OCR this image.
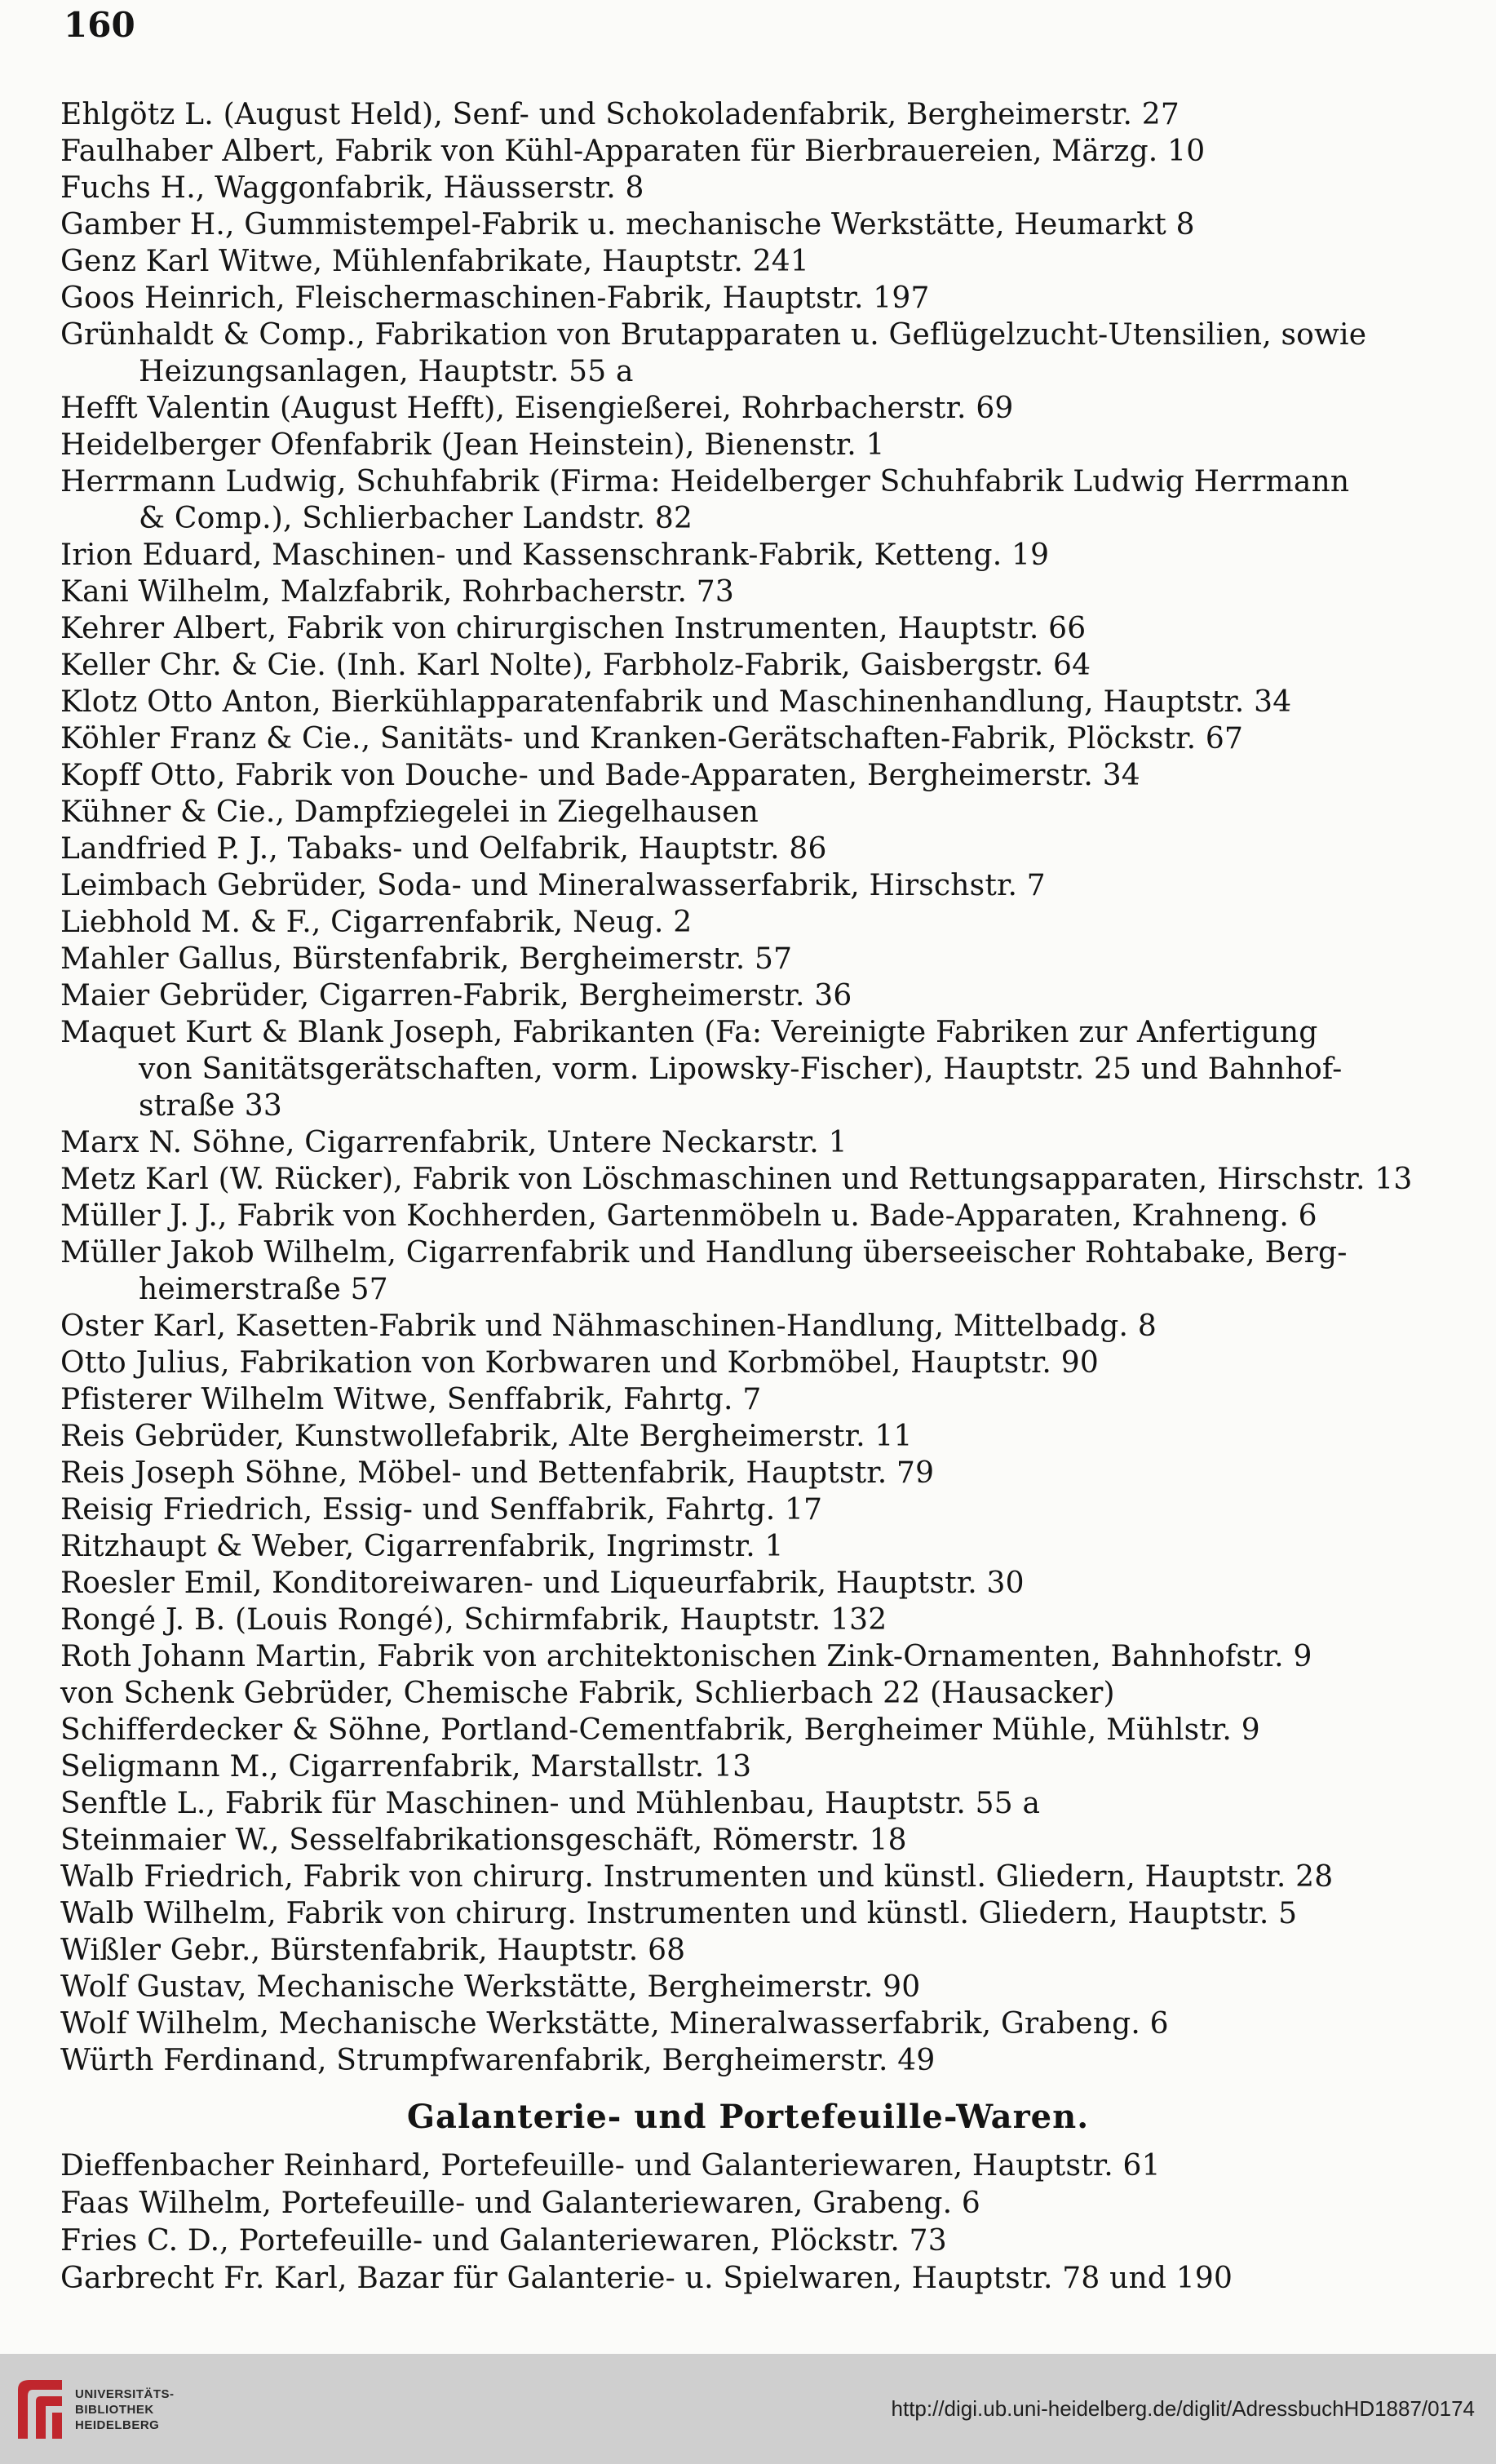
160
Ehlgötz L. (August Held), Senf- und Schokoladenfabrik, Bergheimerstr. 27
Faulhaber Albert, Fabrik von Kühl-Apparaten für Bierbrauereien, Märzg. 10
Fuchs H., Waggonfabrik, Häusserstr. 8
Gamber H., Gummistempel-Fabrik u. mechanische Werkstätte, Heumarkt 8
Genz Karl Witwe, Mühlenfabrikate, Hauptstr. 241
Goos Heinrich, Fleischermaschinen-Fabrik, Hauptstr. 197
Grünhaldt & Comp., Fabrikation von Brutapparaten u. Geflügelzucht-Utensilien, sowie
Heizungsanlagen, Hauptstr. 55 a
Hefft Valentin (August Hefft), Eisengießerei, Rohrbacherstr. 69
Heidelberger Ofenfabrik (Jean Heinstein), Bienenstr. 1
Herrmann Ludwig, Schuhfabrik (Firma: Heidelberger Schuhfabrik Ludwig Herrmann
& Comp.), Schlierbacher Landstr. 82
Irion Eduard, Maschinen- und Kassenschrank-Fabrik, Ketteng. 19
Kani Wilhelm, Malzfabrik, Rohrbacherstr. 73
Kehrer Albert, Fabrik von chirurgischen Instrumenten, Hauptstr. 66
Keller Chr. & Cie. (Inh. Karl Nolte), Farbholz-Fabrik, Gaisbergstr. 64
Klotz Otto Anton, Bierkühlapparatenfabrik und Maschinenhandlung, Hauptstr. 34
Köhler Franz & Cie., Sanitäts- und Kranken-Gerätschaften-Fabrik, Plöckstr. 67
Kopff Otto, Fabrik von Douche- und Bade-Apparaten, Bergheimerstr. 34
Kühner & Cie., Dampfziegelei in Ziegelhausen
Landfried P. J., Tabaks- und Oelfabrik, Hauptstr. 86
Leimbach Gebrüder, Soda- und Mineralwasserfabrik, Hirschstr. 7
Liebhold M. & F., Cigarrenfabrik, Neug. 2
Mahler Gallus, Bürstenfabrik, Bergheimerstr. 57
Maier Gebrüder, Cigarren-Fabrik, Bergheimerstr. 36
Maquet Kurt & Blank Joseph, Fabrikanten (Fa: Vereinigte Fabriken zur Anfertigung
von Sanitätsgerätschaften, vorm. Lipowsky-Fischer), Hauptstr. 25 und Bahnhof-
straße 33
Marx N. Söhne, Cigarrenfabrik, Untere Neckarstr. 1
Metz Karl (W. Rücker), Fabrik von Löschmaschinen und Rettungsapparaten, Hirschstr. 13
Müller J. J., Fabrik von Kochherden, Gartenmöbeln u. Bade-Apparaten, Krahneng. 6
Müller Jakob Wilhelm, Cigarrenfabrik und Handlung überseeischer Rohtabake, Berg-
heimerstraße 57
Oster Karl, Kasetten-Fabrik und Nähmaschinen-Handlung, Mittelbadg. 8
Otto Julius, Fabrikation von Korbwaren und Korbmöbel, Hauptstr. 90
Pfisterer Wilhelm Witwe, Senffabrik, Fahrtg. 7
Reis Gebrüder, Kunstwollefabrik, Alte Bergheimerstr. 11
Reis Joseph Söhne, Möbel- und Bettenfabrik, Hauptstr. 79
Reisig Friedrich, Essig- und Senffabrik, Fahrtg. 17
Ritzhaupt & Weber, Cigarrenfabrik, Ingrimstr. 1
Roesler Emil, Konditoreiwaren- und Liqueurfabrik, Hauptstr. 30
Rongé J. B. (Louis Rongé), Schirmfabrik, Hauptstr. 132
Roth Johann Martin, Fabrik von architektonischen Zink-Ornamenten, Bahnhofstr. 9
von Schenk Gebrüder, Chemische Fabrik, Schlierbach 22 (Hausacker)
Schifferdecker & Söhne, Portland-Cementfabrik, Bergheimer Mühle, Mühlstr. 9
Seligmann M., Cigarrenfabrik, Marstallstr. 13
Senftle L., Fabrik für Maschinen- und Mühlenbau, Hauptstr. 55 a
Steinmaier W., Sesselfabrikationsgeschäft, Römerstr. 18
Walb Friedrich, Fabrik von chirurg. Instrumenten und künstl. Gliedern, Hauptstr. 28
Walb Wilhelm, Fabrik von chirurg. Instrumenten und künstl. Gliedern, Hauptstr. 5
Wißler Gebr., Bürstenfabrik, Hauptstr. 68
Wolf Gustav, Mechanische Werkstätte, Bergheimerstr. 90
Wolf Wilhelm, Mechanische Werkstätte, Mineralwasserfabrik, Grabeng. 6
Würth Ferdinand, Strumpfwarenfabrik, Bergheimerstr. 49
Galanterie- und Portefeuille-Waren.
Dieffenbacher Reinhard, Portefeuille- und Galanteriewaren, Hauptstr. 61
Faas Wilhelm, Portefeuille- und Galanteriewaren, Grabeng. 6
Fries C. D., Portefeuille- und Galanteriewaren, Plöckstr. 73
Garbrecht Fr. Karl, Bazar für Galanterie- u. Spielwaren, Hauptstr. 78 und 190
UNIVERSITÄTS-
BIBLIOTHEK
HEIDELBERG
http://digi.ub.uni-heidelberg.de/diglit/AdressbuchHD1887/0174
